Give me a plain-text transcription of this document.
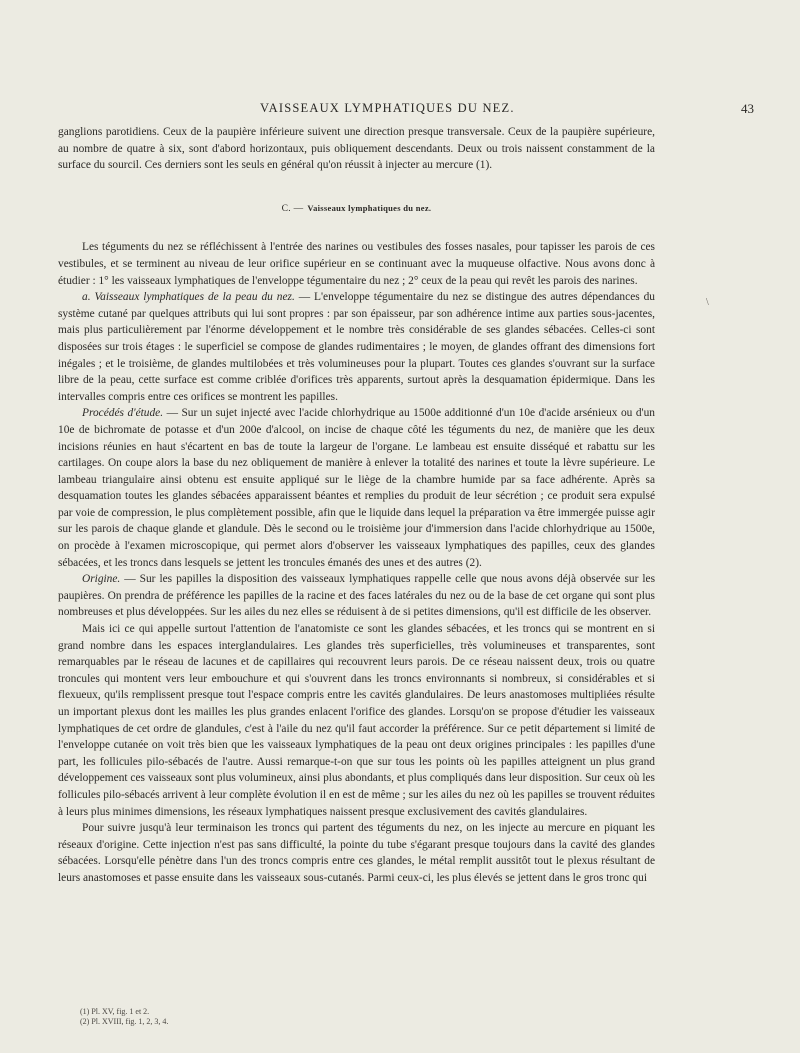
VAISSEAUX LYMPHATIQUES DU NEZ.	43

ganglions parotidiens. Ceux de la paupière inférieure suivent une direction presque transversale. Ceux de la paupière supérieure, au nombre de quatre à six, sont d'abord horizontaux, puis obliquement descendants. Deux ou trois naissent constamment de la surface du sourcil. Ces derniers sont les seuls en général qu'on réussit à injecter au mercure (1).

C. — Vaisseaux lymphatiques du nez.

Les téguments du nez se réfléchissent à l'entrée des narines ou vestibules des fosses nasales, pour tapisser les parois de ces vestibules, et se terminent au niveau de leur orifice supérieur en se continuant avec la muqueuse olfactive. Nous avons donc à étudier : 1° les vaisseaux lymphatiques de l'enveloppe tégumentaire du nez ; 2° ceux de la peau qui revêt les parois des narines.

a. Vaisseaux lymphatiques de la peau du nez. — L'enveloppe tégumentaire du nez se distingue des autres dépendances du système cutané par quelques attributs qui lui sont propres : par son épaisseur, par son adhérence intime aux parties sous-jacentes, mais plus particulièrement par l'énorme développement et le nombre très considérable de ses glandes sébacées. Celles-ci sont disposées sur trois étages : le superficiel se compose de glandes rudimentaires ; le moyen, de glandes offrant des dimensions fort inégales ; et le troisième, de glandes multilobées et très volumineuses pour la plupart. Toutes ces glandes s'ouvrant sur la surface libre de la peau, cette surface est comme criblée d'orifices très apparents, surtout après la desquamation épidermique. Dans les intervalles compris entre ces orifices se montrent les papilles.

Procédés d'étude. — Sur un sujet injecté avec l'acide chlorhydrique au 1500e additionné d'un 10e d'acide arsénieux ou d'un 10e de bichromate de potasse et d'un 200e d'alcool, on incise de chaque côté les téguments du nez, de manière que les deux incisions réunies en haut s'écartent en bas de toute la largeur de l'organe. Le lambeau est ensuite disséqué et rabattu sur les cartilages. On coupe alors la base du nez obliquement de manière à enlever la totalité des narines et toute la lèvre supérieure. Le lambeau triangulaire ainsi obtenu est ensuite appliqué sur le liège de la chambre humide par sa face adhérente. Après sa desquamation toutes les glandes sébacées apparaissent béantes et remplies du produit de leur sécrétion ; ce produit sera expulsé par voie de compression, le plus complètement possible, afin que le liquide dans lequel la préparation va être immergée puisse agir sur les parois de chaque glande et glandule. Dès le second ou le troisième jour d'immersion dans l'acide chlorhydrique au 1500e, on procède à l'examen microscopique, qui permet alors d'observer les vaisseaux lymphatiques des papilles, ceux des glandes sébacées, et les troncs dans lesquels se jettent les troncules émanés des unes et des autres (2).

Origine. — Sur les papilles la disposition des vaisseaux lymphatiques rappelle celle que nous avons déjà observée sur les paupières. On prendra de préférence les papilles de la racine et des faces latérales du nez ou de la base de cet organe qui sont plus nombreuses et plus développées. Sur les ailes du nez elles se réduisent à de si petites dimensions, qu'il est difficile de les observer.

Mais ici ce qui appelle surtout l'attention de l'anatomiste ce sont les glandes sébacées, et les troncs qui se montrent en si grand nombre dans les espaces interglandulaires. Les glandes très superficielles, très volumineuses et transparentes, sont remarquables par le réseau de lacunes et de capillaires qui recouvrent leurs parois. De ce réseau naissent deux, trois ou quatre troncules qui montent vers leur embouchure et qui s'ouvrent dans les troncs environnants si nombreux, si considérables et si flexueux, qu'ils remplissent presque tout l'espace compris entre les cavités glandulaires. De leurs anastomoses multipliées résulte un important plexus dont les mailles les plus grandes enlacent l'orifice des glandes. Lorsqu'on se propose d'étudier les vaisseaux lymphatiques de cet ordre de glandules, c'est à l'aile du nez qu'il faut accorder la préférence. Sur ce petit département si limité de l'enveloppe cutanée on voit très bien que les vaisseaux lymphatiques de la peau ont deux origines principales : les papilles d'une part, les follicules pilo-sébacés de l'autre. Aussi remarque-t-on que sur tous les points où les papilles atteignent un plus grand développement ces vaisseaux sont plus volumineux, ainsi plus abondants, et plus compliqués dans leur disposition. Sur ceux où les follicules pilo-sébacés arrivent à leur complète évolution il en est de même ; sur les ailes du nez où les papilles se trouvent réduites à leurs plus minimes dimensions, les réseaux lymphatiques naissent presque exclusivement des cavités glandulaires.

Pour suivre jusqu'à leur terminaison les troncs qui partent des téguments du nez, on les injecte au mercure en piquant les réseaux d'origine. Cette injection n'est pas sans difficulté, la pointe du tube s'égarant presque toujours dans la cavité des glandes sébacées. Lorsqu'elle pénètre dans l'un des troncs compris entre ces glandes, le métal remplit aussitôt tout le plexus résultant de leurs anastomoses et passe ensuite dans les vaisseaux sous-cutanés. Parmi ceux-ci, les plus élevés se jettent dans le gros tronc qui

\

(1) Pl. XV, fig. 1 et 2.

(2) Pl. XVIII, fig. 1, 2, 3, 4.
